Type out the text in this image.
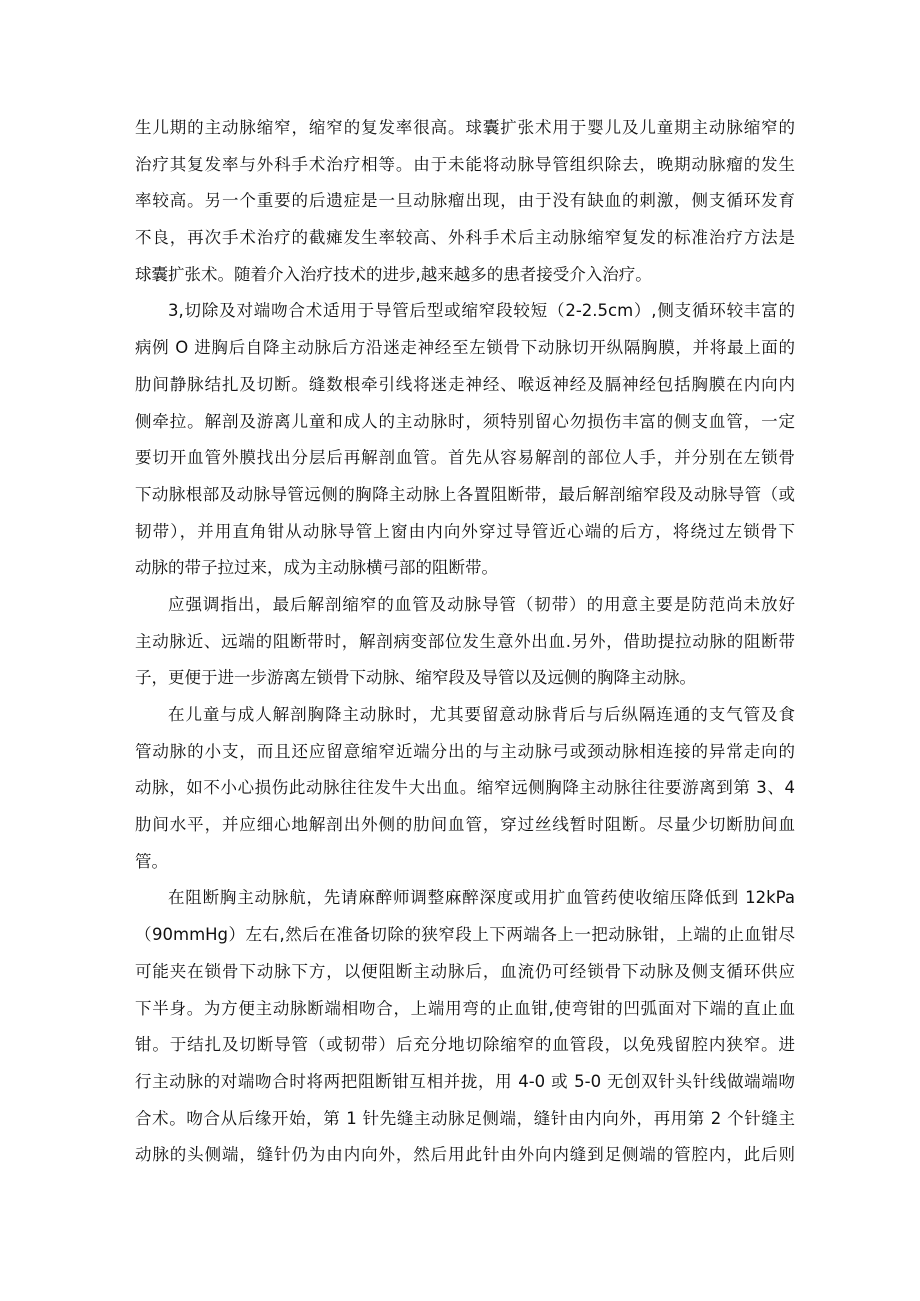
生儿期的主动脉缩窄，缩窄的复发率很高。球囊扩张术用于婴儿及儿童期主动脉缩窄的
治疗其复发率与外科手术治疗相等。由于未能将动脉导管组织除去，晚期动脉瘤的发生
率较高。另一个重要的后遗症是一旦动脉瘤出现，由于没有缺血的刺激，侧支循环发育
不良，再次手术治疗的截瘫发生率较高、外科手术后主动脉缩窄复发的标准治疗方法是
球囊扩张术。随着介入治疗技术的进步,越来越多的患者接受介入治疗。
3,切除及对端吻合术适用于导管后型或缩窄段较短（2-2.5cm）,侧支循环较丰富的
病例 O 进胸后自降主动脉后方沿迷走神经至左锁骨下动脉切开纵隔胸膜，并将最上面的
肋间静脉结扎及切断。缝数根牵引线将迷走神经、喉返神经及膈神经包括胸膜在内向内
侧牵拉。解剖及游离儿童和成人的主动脉时，须特别留心勿损伤丰富的侧支血管，一定
要切开血管外膜找出分层后再解剖血管。首先从容易解剖的部位人手，并分别在左锁骨
下动脉根部及动脉导管远侧的胸降主动脉上各置阻断带，最后解剖缩窄段及动脉导管（或
韧带），并用直角钳从动脉导管上窗由内向外穿过导管近心端的后方，将绕过左锁骨下
动脉的带子拉过来，成为主动脉横弓部的阻断带。
应强调指出，最后解剖缩窄的血管及动脉导管（韧带）的用意主要是防范尚未放好
主动脉近、远端的阻断带时，解剖病变部位发生意外出血.另外，借助提拉动脉的阻断带
子，更便于进一步游离左锁骨下动脉、缩窄段及导管以及远侧的胸降主动脉。
在儿童与成人解剖胸降主动脉时，尤其要留意动脉背后与后纵隔连通的支气管及食
管动脉的小支，而且还应留意缩窄近端分出的与主动脉弓或颈动脉相连接的异常走向的
动脉，如不小心损伤此动脉往往发牛大出血。缩窄远侧胸降主动脉往往要游离到第 3、4
肋间水平，并应细心地解剖出外侧的肋间血管，穿过丝线暂时阻断。尽量少切断肋间血
管。
在阻断胸主动脉航，先请麻醉师调整麻醉深度或用扩血管药使收缩压降低到 12kPa
（90mmHg）左右,然后在准备切除的狭窄段上下两端各上一把动脉钳，上端的止血钳尽
可能夹在锁骨下动脉下方，以便阻断主动脉后，血流仍可经锁骨下动脉及侧支循环供应
下半身。为方便主动脉断端相吻合，上端用弯的止血钳,使弯钳的凹弧面对下端的直止血
钳。于结扎及切断导管（或韧带）后充分地切除缩窄的血管段，以免残留腔内狭窄。进
行主动脉的对端吻合时将两把阻断钳互相并拢，用 4-0 或 5-0 无创双针头针线做端端吻
合术。吻合从后缘开始，第 1 针先缝主动脉足侧端，缝针由内向外，再用第 2 个针缝主
动脉的头侧端，缝针仍为由内向外，然后用此针由外向内缝到足侧端的管腔内，此后则
